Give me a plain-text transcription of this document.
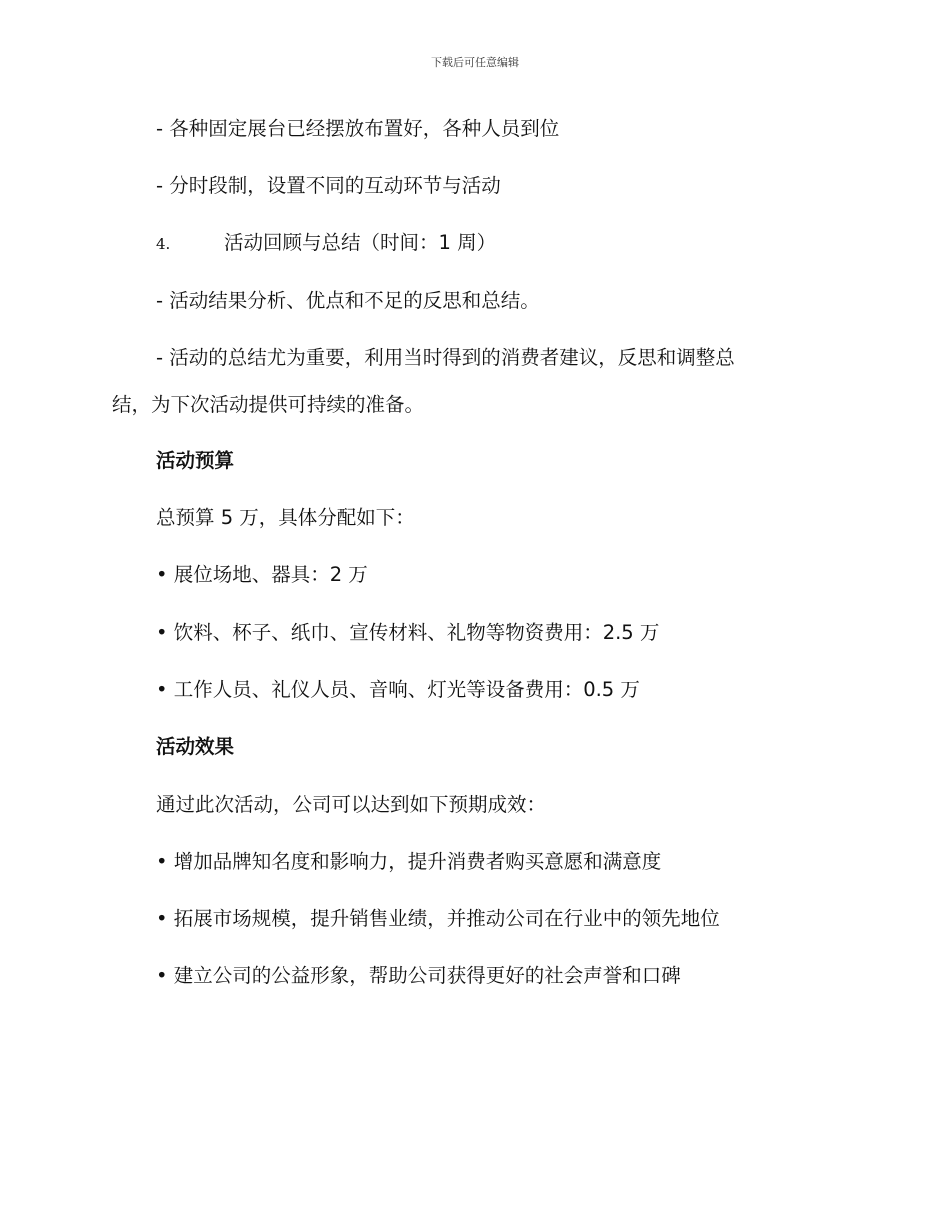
下载后可任意编辑
- 各种固定展台已经摆放布置好，各种人员到位
- 分时段制，设置不同的互动环节与活动
4.	活动回顾与总结（时间：1 周）
- 活动结果分析、优点和不足的反思和总结。
- 活动的总结尤为重要，利用当时得到的消费者建议，反思和调整总
结，为下次活动提供可持续的准备。
活动预算
总预算 5 万，具体分配如下：
• 展位场地、器具：2 万
• 饮料、杯子、纸巾、宣传材料、礼物等物资费用：2.5 万
• 工作人员、礼仪人员、音响、灯光等设备费用：0.5 万
活动效果
通过此次活动，公司可以达到如下预期成效：
• 增加品牌知名度和影响力，提升消费者购买意愿和满意度
• 拓展市场规模，提升销售业绩，并推动公司在行业中的领先地位
• 建立公司的公益形象，帮助公司获得更好的社会声誉和口碑
